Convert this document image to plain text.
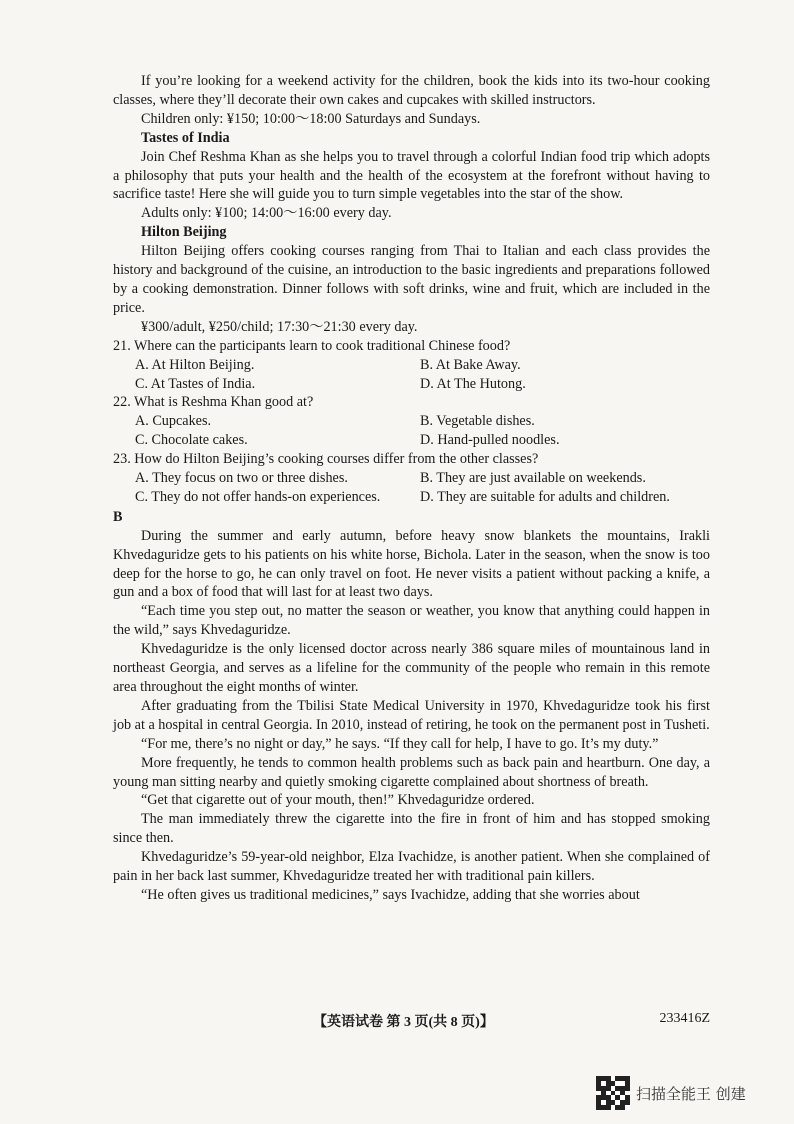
If you’re looking for a weekend activity for the children, book the kids into its two-hour cooking classes, where they’ll decorate their own cakes and cupcakes with skilled instructors.

Children only: ¥150; 10:00～18:00 Saturdays and Sundays.

Tastes of India

Join Chef Reshma Khan as she helps you to travel through a colorful Indian food trip which adopts a philosophy that puts your health and the health of the ecosystem at the forefront without having to sacrifice taste! Here she will guide you to turn simple vegetables into the star of the show.

Adults only: ¥100; 14:00～16:00 every day.

Hilton Beijing

Hilton Beijing offers cooking courses ranging from Thai to Italian and each class provides the history and background of the cuisine, an introduction to the basic ingredients and preparations followed by a cooking demonstration. Dinner follows with soft drinks, wine and fruit, which are included in the price.

¥300/adult, ¥250/child; 17:30～21:30 every day.

21. Where can the participants learn to cook traditional Chinese food?

A. At Hilton Beijing.	B. At Bake Away.
C. At Tastes of India.	D. At The Hutong.

22. What is Reshma Khan good at?

A. Cupcakes.	B. Vegetable dishes.
C. Chocolate cakes.	D. Hand-pulled noodles.

23. How do Hilton Beijing’s cooking courses differ from the other classes?

A. They focus on two or three dishes.	B. They are just available on weekends.
C. They do not offer hands-on experiences.	D. They are suitable for adults and children.

B

During the summer and early autumn, before heavy snow blankets the mountains, Irakli Khvedaguridze gets to his patients on his white horse, Bichola. Later in the season, when the snow is too deep for the horse to go, he can only travel on foot. He never visits a patient without packing a knife, a gun and a box of food that will last for at least two days.

“Each time you step out, no matter the season or weather, you know that anything could happen in the wild,” says Khvedaguridze.

Khvedaguridze is the only licensed doctor across nearly 386 square miles of mountainous land in northeast Georgia, and serves as a lifeline for the community of the people who remain in this remote area throughout the eight months of winter.

After graduating from the Tbilisi State Medical University in 1970, Khvedaguridze took his first job at a hospital in central Georgia. In 2010, instead of retiring, he took on the permanent post in Tusheti.

“For me, there’s no night or day,” he says. “If they call for help, I have to go. It’s my duty.”

More frequently, he tends to common health problems such as back pain and heartburn. One day, a young man sitting nearby and quietly smoking cigarette complained about shortness of breath.

“Get that cigarette out of your mouth, then!” Khvedaguridze ordered.

The man immediately threw the cigarette into the fire in front of him and has stopped smoking since then.

Khvedaguridze’s 59-year-old neighbor, Elza Ivachidze, is another patient. When she complained of pain in her back last summer, Khvedaguridze treated her with traditional pain killers.

“He often gives us traditional medicines,” says Ivachidze, adding that she worries about

【英语试卷 第 3 页(共 8 页)】	233416Z
扫描全能王 创建
